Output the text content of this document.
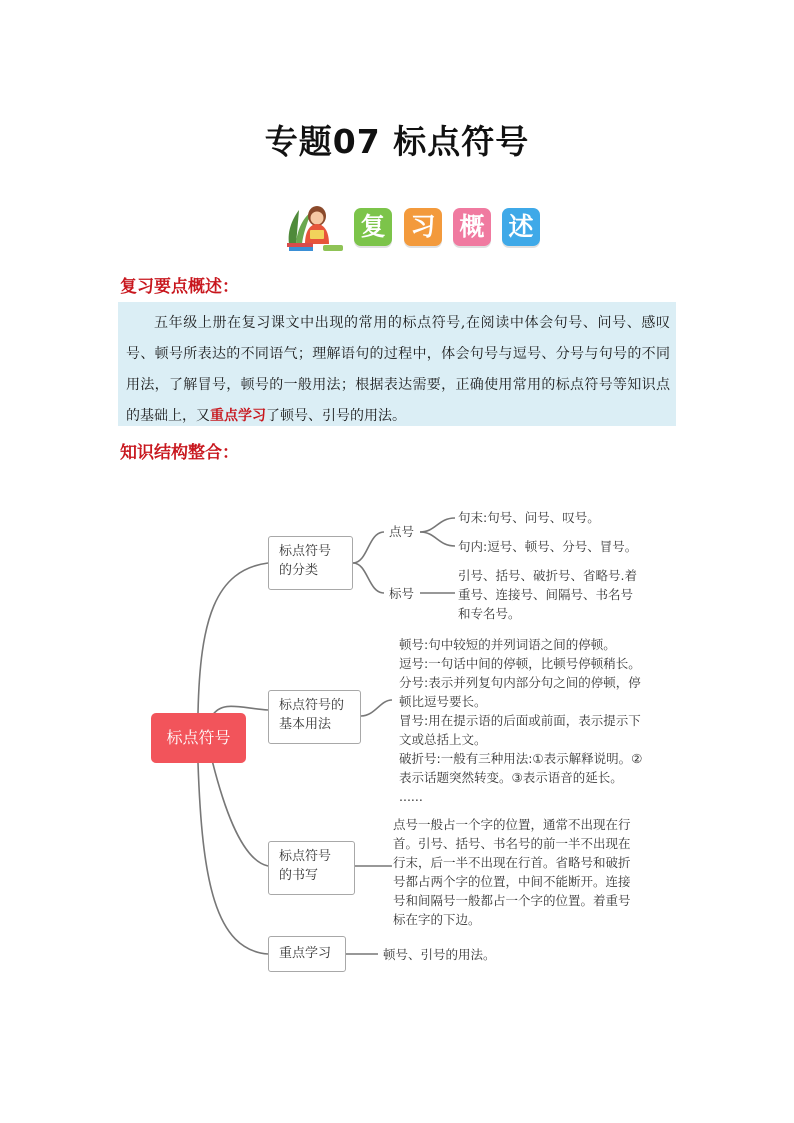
专题07 标点符号
复 习 概 述
复习要点概述：
五年级上册在复习课文中出现的常用的标点符号,在阅读中体会句号、问号、感叹号、顿号所表达的不同语气；理解语句的过程中，体会句号与逗号、分号与句号的不同用法，了解冒号，顿号的一般用法；根据表达需要，正确使用常用的标点符号等知识点的基础上，又重点学习了顿号、引号的用法。
知识结构整合：
标点符号
标点符号
的分类
点号
句末:句号、问号、叹号。
句内:逗号、顿号、分号、冒号。
标号
引号、括号、破折号、省略号.着
重号、连接号、间隔号、书名号
和专名号。
标点符号的
基本用法
顿号:句中较短的并列词语之间的停顿。
逗号:一句话中间的停顿，比顿号停顿稍长。
分号:表示并列复句内部分句之间的停顿，停
顿比逗号要长。
冒号:用在提示语的后面或前面，表示提示下
文或总括上文。
破折号:一般有三种用法:①表示解释说明。②
表示话题突然转变。③表示语音的延长。
......
标点符号
的书写
点号一般占一个字的位置，通常不出现在行
首。引号、括号、书名号的前一半不出现在
行末，后一半不出现在行首。省略号和破折
号都占两个字的位置，中间不能断开。连接
号和间隔号一般都占一个字的位置。着重号
标在字的下边。
重点学习	顿号、引号的用法。
